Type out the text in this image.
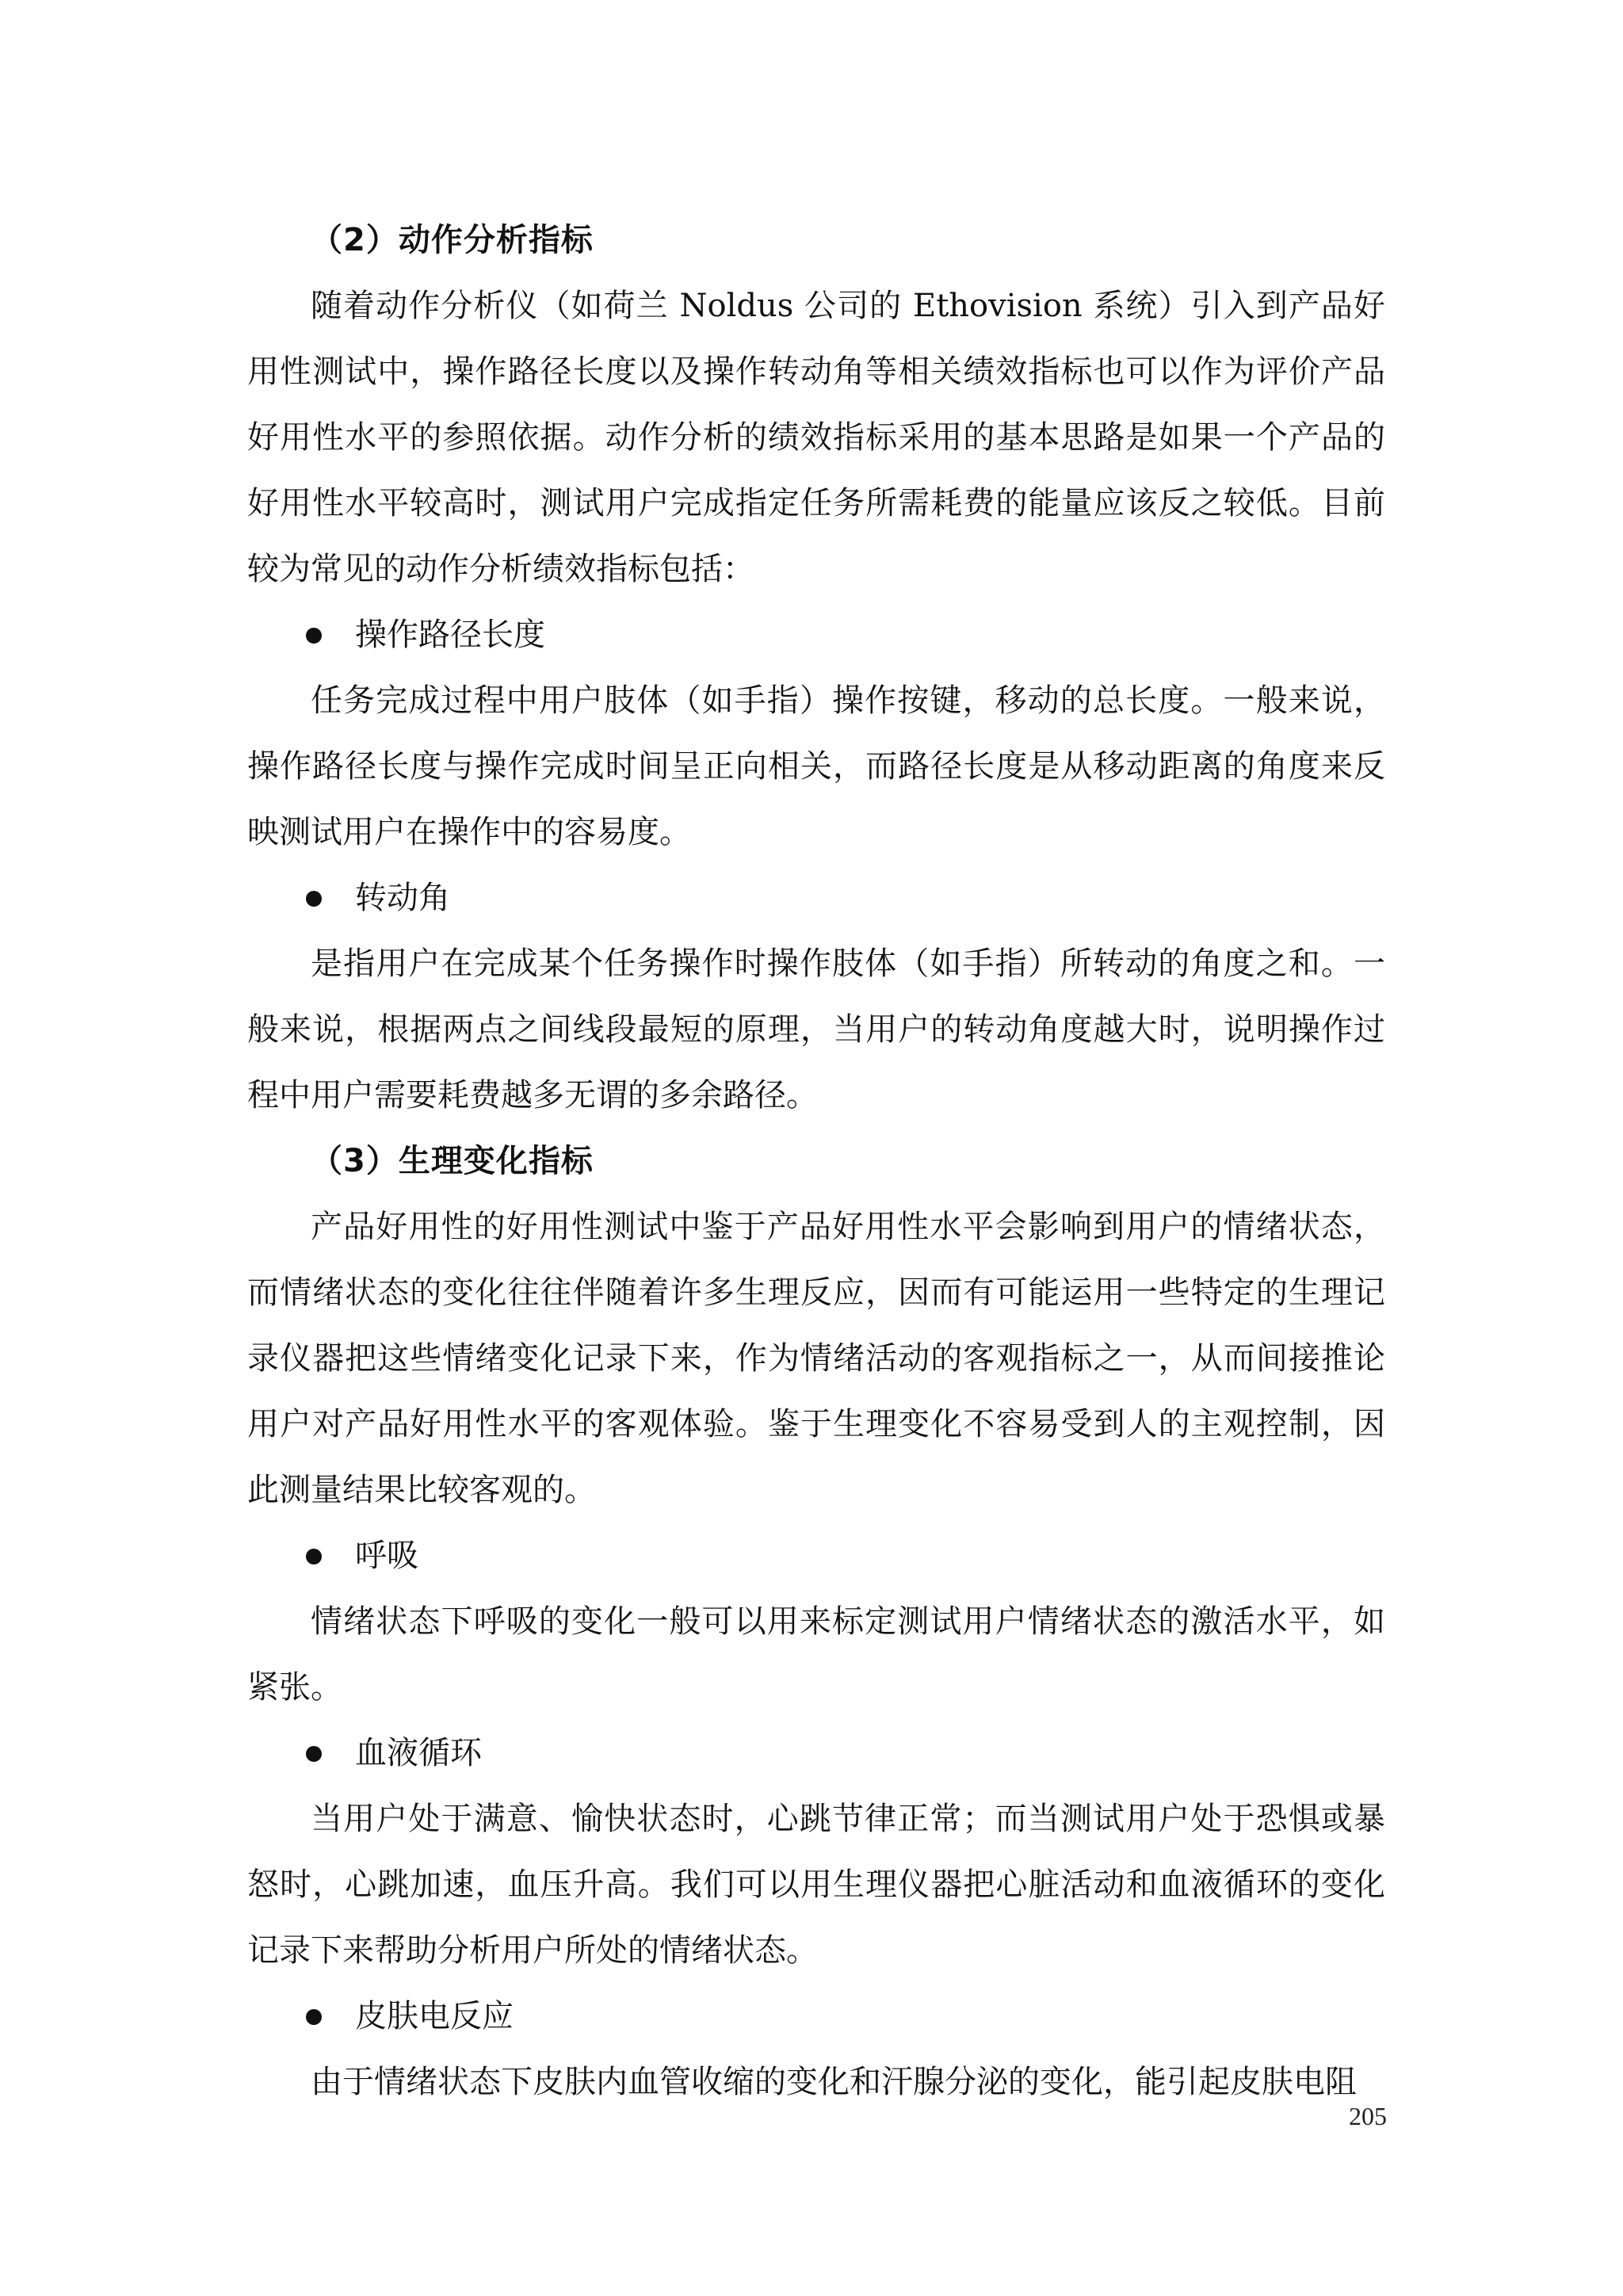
（2）动作分析指标

随着动作分析仪（如荷兰 Noldus 公司的 Ethovision 系统）引入到产品好用性测试中，操作路径长度以及操作转动角等相关绩效指标也可以作为评价产品好用性水平的参照依据。动作分析的绩效指标采用的基本思路是如果一个产品的好用性水平较高时，测试用户完成指定任务所需耗费的能量应该反之较低。目前较为常见的动作分析绩效指标包括：

操作路径长度

任务完成过程中用户肢体（如手指）操作按键，移动的总长度。一般来说，操作路径长度与操作完成时间呈正向相关，而路径长度是从移动距离的角度来反映测试用户在操作中的容易度。

转动角

是指用户在完成某个任务操作时操作肢体（如手指）所转动的角度之和。一般来说，根据两点之间线段最短的原理，当用户的转动角度越大时，说明操作过程中用户需要耗费越多无谓的多余路径。

（3）生理变化指标

产品好用性的好用性测试中鉴于产品好用性水平会影响到用户的情绪状态，而情绪状态的变化往往伴随着许多生理反应，因而有可能运用一些特定的生理记录仪器把这些情绪变化记录下来，作为情绪活动的客观指标之一，从而间接推论用户对产品好用性水平的客观体验。鉴于生理变化不容易受到人的主观控制，因此测量结果比较客观的。

呼吸

情绪状态下呼吸的变化一般可以用来标定测试用户情绪状态的激活水平，如紧张。

血液循环

当用户处于满意、愉快状态时，心跳节律正常；而当测试用户处于恐惧或暴怒时，心跳加速，血压升高。我们可以用生理仪器把心脏活动和血液循环的变化记录下来帮助分析用户所处的情绪状态。

皮肤电反应

由于情绪状态下皮肤内血管收缩的变化和汗腺分泌的变化，能引起皮肤电阻

205
